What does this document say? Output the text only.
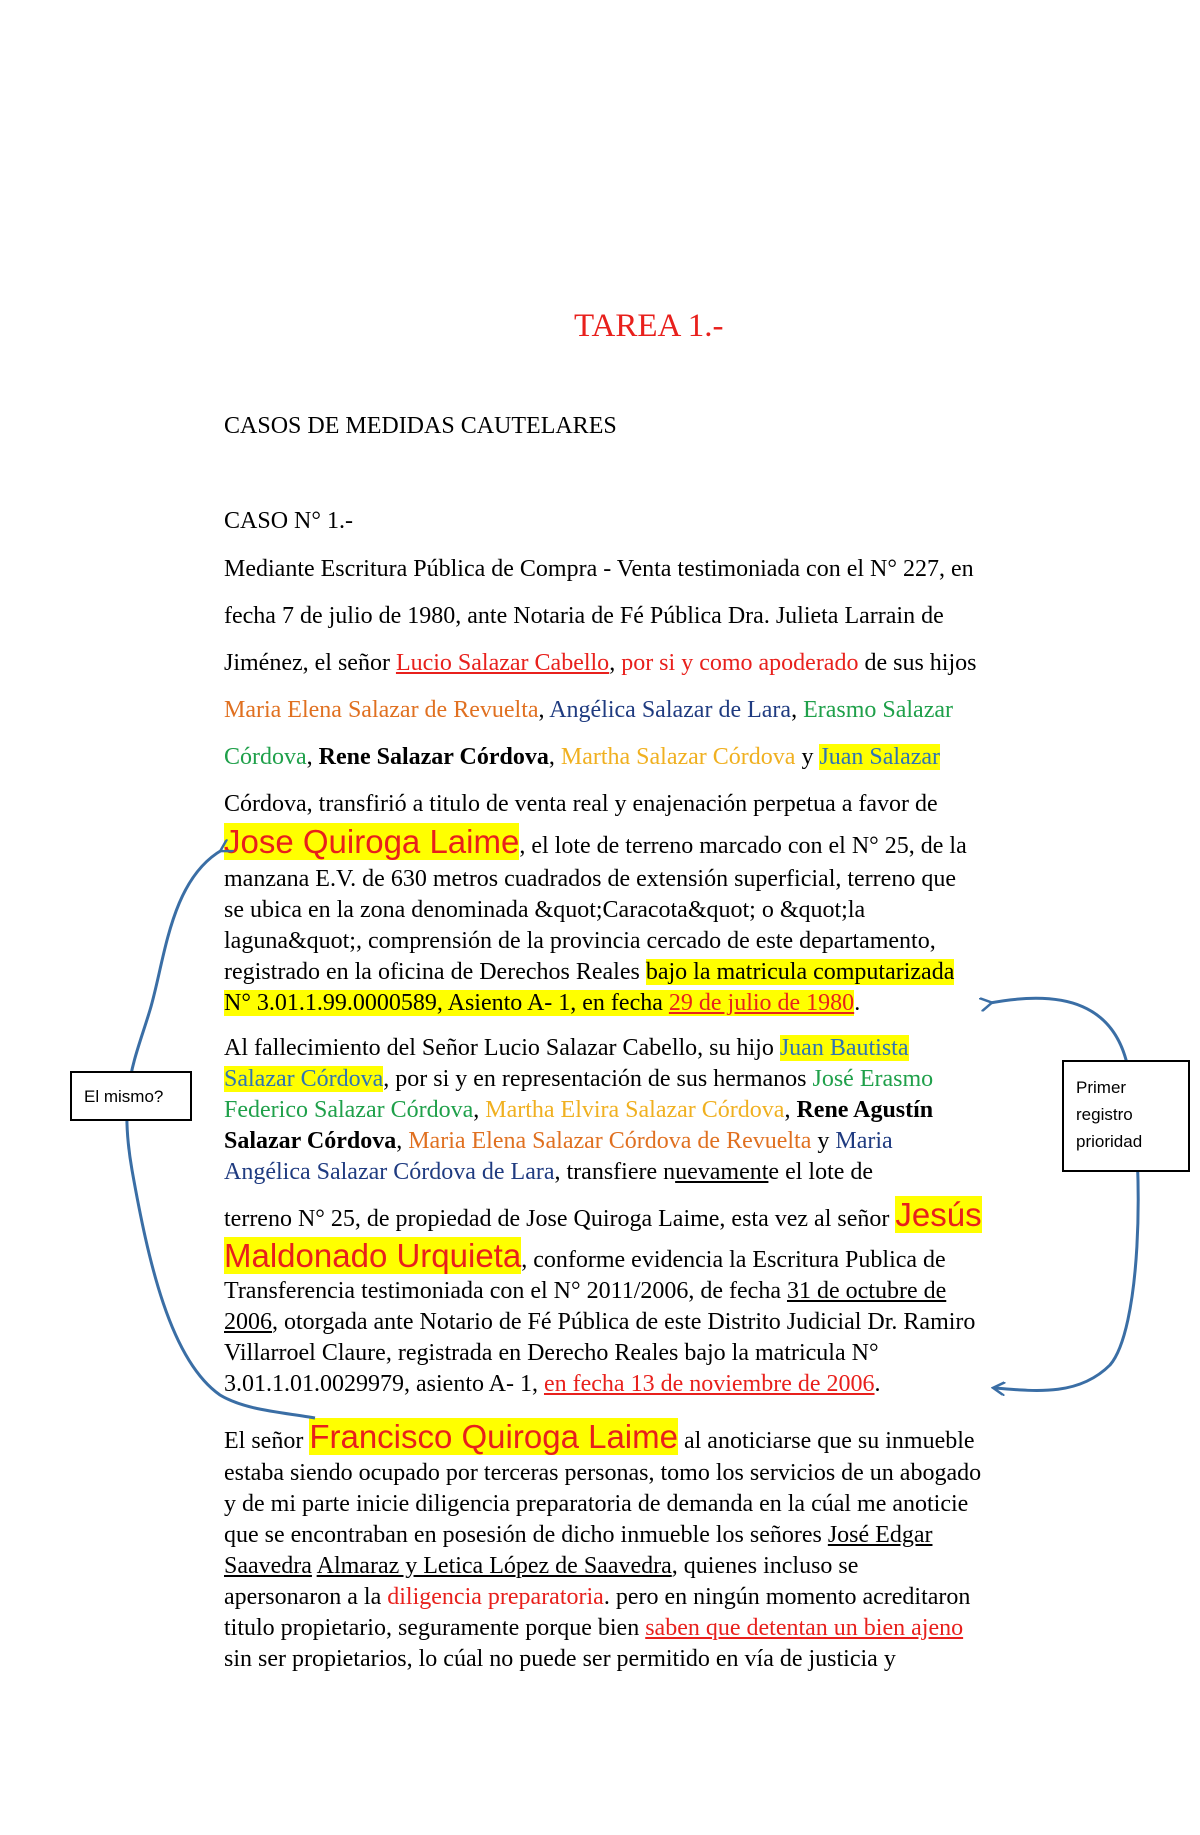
TAREA 1.-
CASOS DE MEDIDAS CAUTELARES
CASO N° 1.-
Mediante Escritura Pública de Compra - Venta testimoniada con el N° 227, en
fecha 7 de julio de 1980, ante Notaria de Fé Pública Dra. Julieta Larrain de
Jiménez, el señor Lucio Salazar Cabello, por si y como apoderado de sus hijos
Maria Elena Salazar de Revuelta, Angélica Salazar de Lara, Erasmo Salazar
Córdova, Rene Salazar Córdova, Martha Salazar Córdova y Juan Salazar
Córdova, transfirió a titulo de venta real y enajenación perpetua a favor de
Jose Quiroga Laime, el lote de terreno marcado con el N° 25, de la
manzana E.V. de 630 metros cuadrados de extensión superficial, terreno que
se ubica en la zona denominada &quot;Caracota&quot; o &quot;la
laguna&quot;, comprensión de la provincia cercado de este departamento,
registrado en la oficina de Derechos Reales bajo la matricula computarizada
N° 3.01.1.99.0000589, Asiento A- 1, en fecha 29 de julio de 1980.
Al fallecimiento del Señor Lucio Salazar Cabello, su hijo Juan Bautista
Salazar Córdova, por si y en representación de sus hermanos José Erasmo
Federico Salazar Córdova, Martha Elvira Salazar Córdova, Rene Agustín
Salazar Córdova, Maria Elena Salazar Córdova de Revuelta y Maria
Angélica Salazar Córdova de Lara, transfiere nuevamente el lote de
terreno N° 25, de propiedad de Jose Quiroga Laime, esta vez al señor Jesús
Maldonado Urquieta, conforme evidencia la Escritura Publica de
Transferencia testimoniada con el N° 2011/2006, de fecha 31 de octubre de
2006, otorgada ante Notario de Fé Pública de este Distrito Judicial Dr. Ramiro
Villarroel Claure, registrada en Derecho Reales bajo la matricula N°
3.01.1.01.0029979, asiento A- 1, en fecha 13 de noviembre de 2006.
El señor Francisco Quiroga Laime al anoticiarse que su inmueble
estaba siendo ocupado por terceras personas, tomo los servicios de un abogado
y de mi parte inicie diligencia preparatoria de demanda en la cúal me anoticie
que se encontraban en posesión de dicho inmueble los señores José Edgar
Saavedra Almaraz y Letica López de Saavedra, quienes incluso se
apersonaron a la diligencia preparatoria. pero en ningún momento acreditaron
titulo propietario, seguramente porque bien saben que detentan un bien ajeno
sin ser propietarios, lo cúal no puede ser permitido en vía de justicia y
El mismo?	Primer
registro
prioridad
